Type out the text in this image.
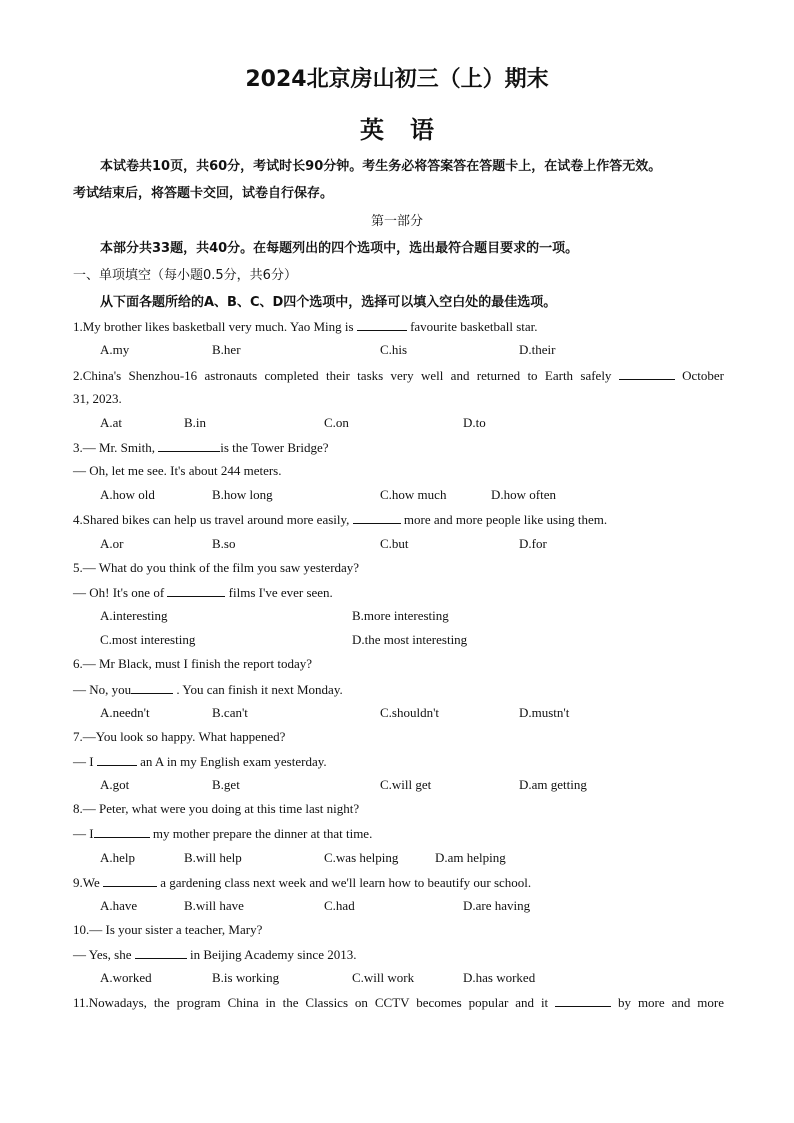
2024北京房山初三（上）期末
英语
本试卷共10页，共60分，考试时长90分钟。考生务必将答案答在答题卡上，在试卷上作答无效。
考试结束后，将答题卡交回，试卷自行保存。
第一部分
本部分共33题，共40分。在每题列出的四个选项中，选出最符合题目要求的一项。
一、单项填空（每小题0.5分，共6分）
从下面各题所给的A、B、C、D四个选项中，选择可以填入空白处的最佳选项。
1.My brother likes basketball very much. Yao Ming is	favourite basketball star.
A.my	B.her	C.his	D.their
2.China's Shenzhou-16 astronauts completed their tasks very well and returned to Earth safely	October
31, 2023.
A.at	B.in	C.on	D.to
3.— Mr. Smith,	is the Tower Bridge?
— Oh, let me see. It's about 244 meters.
A.how old	B.how long	C.how much	D.how often
4.Shared bikes can help us travel around more easily,	more and more people like using them.
A.or	B.so	C.but	D.for
5.— What do you think of the film you saw yesterday?
— Oh! It's one of	films I've ever seen.
A.interesting	B.more interesting
C.most interesting	D.the most interesting
6.— Mr Black, must I finish the report today?
— No, you	. You can finish it next Monday.
A.needn't	B.can't	C.shouldn't	D.mustn't
7.—You look so happy. What happened?
— I	an A in my English exam yesterday.
A.got	B.get	C.will get	D.am getting
8.— Peter, what were you doing at this time last night?
— I	my mother prepare the dinner at that time.
A.help	B.will help	C.was helping	D.am helping
9.We	a gardening class next week and we'll learn how to beautify our school.
A.have	B.will have	C.had	D.are having
10.— Is your sister a teacher, Mary?
— Yes, she	in Beijing Academy since 2013.
A.worked	B.is working	C.will work	D.has worked
11.Nowadays, the program China in the Classics on CCTV becomes popular and it	by more and more
